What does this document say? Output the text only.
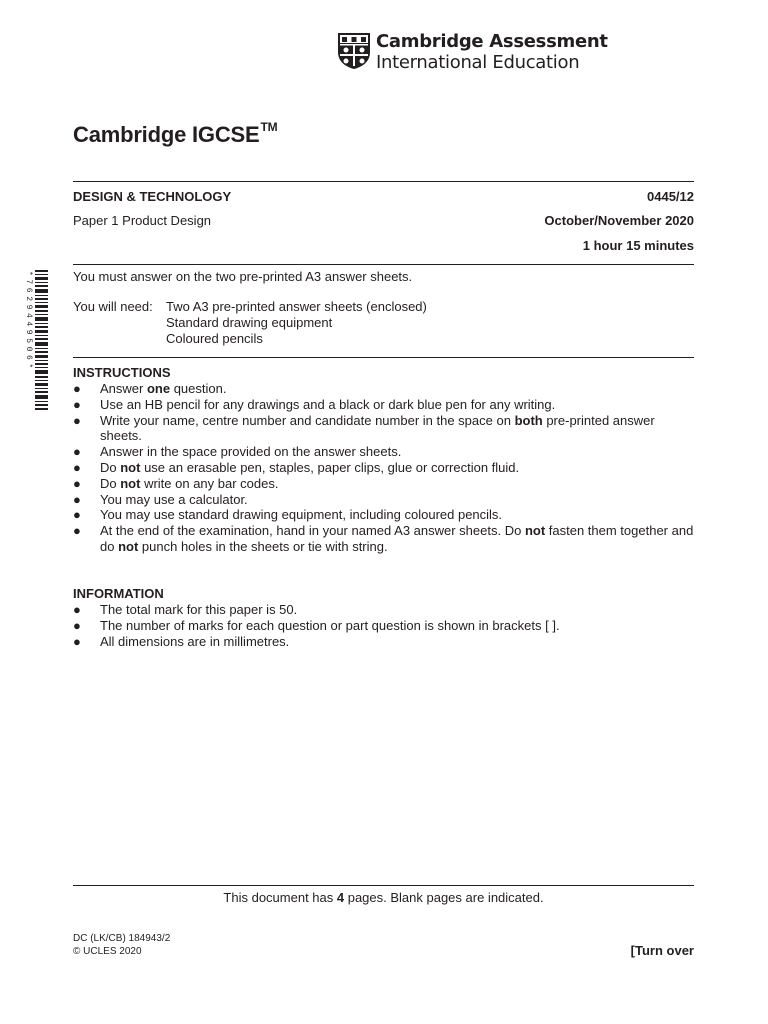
Cambridge Assessment
International Education
Cambridge IGCSE™
DESIGN & TECHNOLOGY	0445/12
Paper 1 Product Design	October/November 2020
1 hour 15 minutes
*7629449506*	You must answer on the two pre-printed A3 answer sheets.
You will need: Two A3 pre-printed answer sheets (enclosed)
Standard drawing equipment
Coloured pencils
INSTRUCTIONS
● Answer one question.
● Use an HB pencil for any drawings and a black or dark blue pen for any writing.
● Write your name, centre number and candidate number in the space on both pre-printed answer sheets.
● Answer in the space provided on the answer sheets.
● Do not use an erasable pen, staples, paper clips, glue or correction fluid.
● Do not write on any bar codes.
● You may use a calculator.
● You may use standard drawing equipment, including coloured pencils.
● At the end of the examination, hand in your named A3 answer sheets. Do not fasten them together and do not punch holes in the sheets or tie with string.
INFORMATION
● The total mark for this paper is 50.
● The number of marks for each question or part question is shown in brackets [ ].
● All dimensions are in millimetres.
This document has 4 pages. Blank pages are indicated.
DC (LK/CB) 184943/2
© UCLES 2020	[Turn over
